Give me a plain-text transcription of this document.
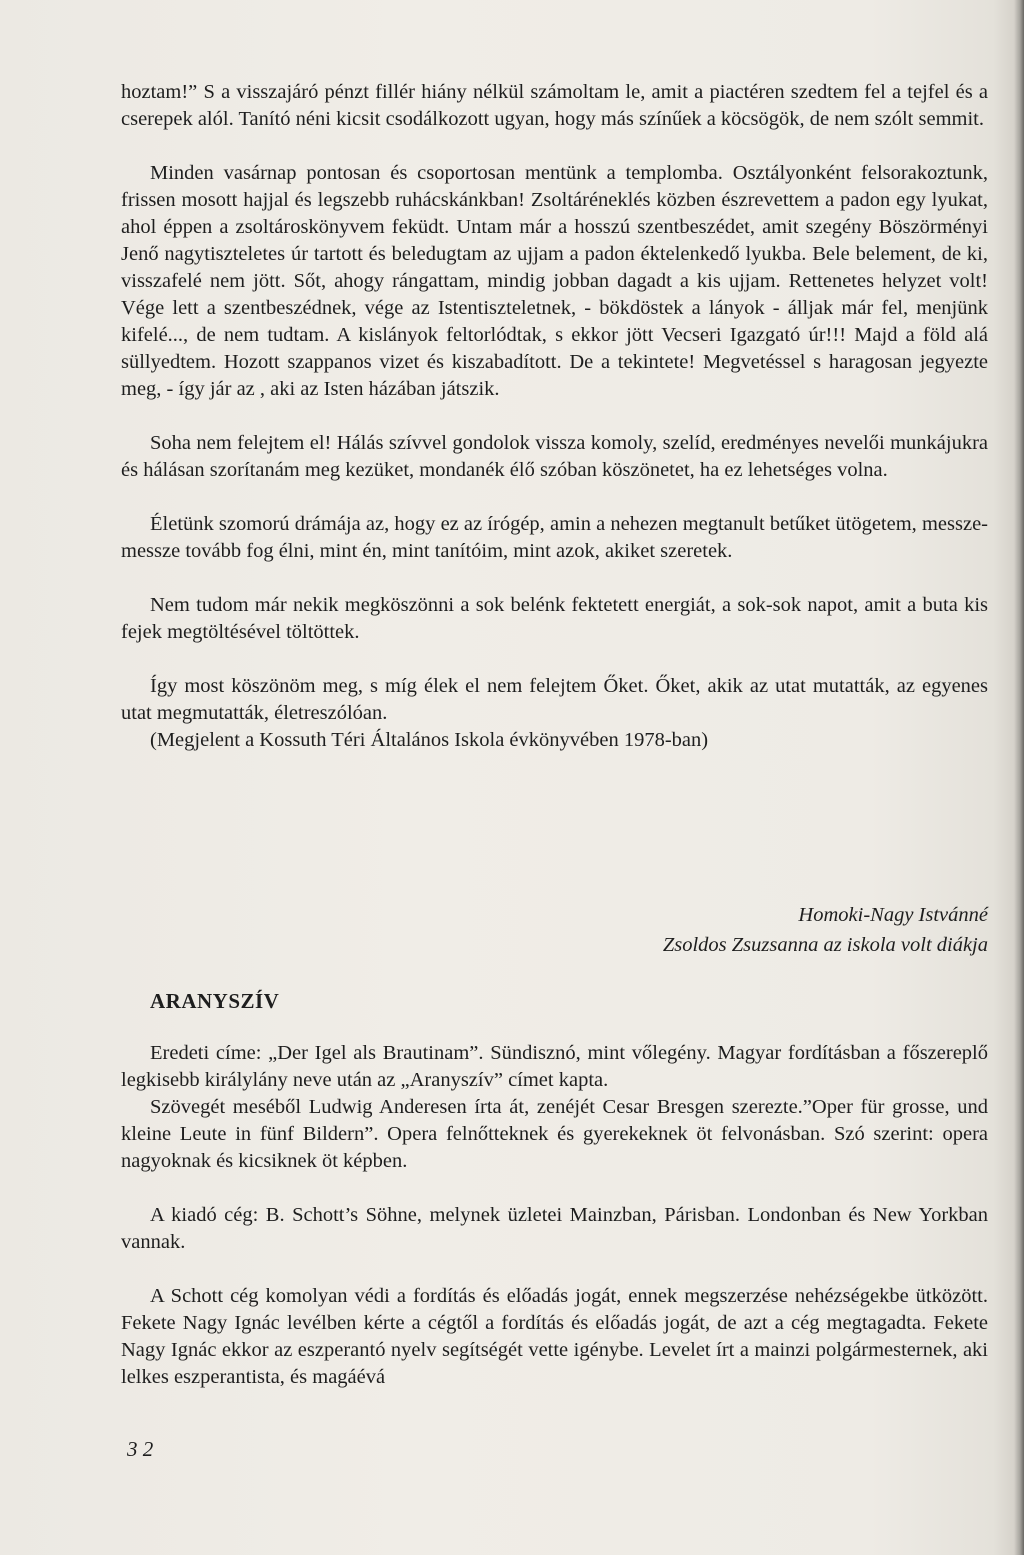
hoztam!” S a visszajáró pénzt fillér hiány nélkül számoltam le, amit a piactéren szedtem fel a tejfel és a cserepek alól. Tanító néni kicsit csodálkozott ugyan, hogy más színűek a köcsögök, de nem szólt semmit.

Minden vasárnap pontosan és csoportosan mentünk a templomba. Osztályonként felsorakoztunk, frissen mosott hajjal és legszebb ruhácskánkban! Zsoltáréneklés közben észrevettem a padon egy lyukat, ahol éppen a zsoltároskönyvem feküdt. Untam már a hosszú szentbeszédet, amit szegény Böszörményi Jenő nagytiszteletes úr tartott és beledugtam az ujjam a padon éktelenkedő lyukba. Bele belement, de ki, visszafelé nem jött. Sőt, ahogy rángattam, mindig jobban dagadt a kis ujjam. Rettenetes helyzet volt! Vége lett a szentbeszédnek, vége az Istentiszteletnek, - bökdöstek a lányok - álljak már fel, menjünk kifelé..., de nem tudtam. A kislányok feltorlódtak, s ekkor jött Vecseri Igazgató úr!!! Majd a föld alá süllyedtem. Hozott szappanos vizet és kiszabadított. De a tekintete! Megvetéssel s haragosan jegyezte meg, - így jár az , aki az Isten házában játszik.

Soha nem felejtem el! Hálás szívvel gondolok vissza komoly, szelíd, eredményes nevelői munkájukra és hálásan szorítanám meg kezüket, mondanék élő szóban köszönetet, ha ez lehetséges volna.

Életünk szomorú drámája az, hogy ez az írógép, amin a nehezen megtanult betűket ütögetem, messze-messze tovább fog élni, mint én, mint tanítóim, mint azok, akiket szeretek.

Nem tudom már nekik megköszönni a sok belénk fektetett energiát, a sok-sok napot, amit a buta kis fejek megtöltésével töltöttek.

Így most köszönöm meg, s míg élek el nem felejtem Őket. Őket, akik az utat mutatták, az egyenes utat megmutatták, életreszólóan.

(Megjelent a Kossuth Téri Általános Iskola évkönyvében 1978-ban)

Homoki-Nagy Istvánné
Zsoldos Zsuzsanna az iskola volt diákja
ARANYSZÍV

Eredeti címe: „Der Igel als Brautinam”. Sündisznó, mint vőlegény. Magyar fordításban a főszereplő legkisebb királylány neve után az „Aranyszív” címet kapta.

Szövegét meséből Ludwig Anderesen írta át, zenéjét Cesar Bresgen szerezte.”Oper für grosse, und kleine Leute in fünf Bildern”. Opera felnőtteknek és gyerekeknek öt felvonásban. Szó szerint: opera nagyoknak és kicsiknek öt képben.

A kiadó cég: B. Schott’s Söhne, melynek üzletei Mainzban, Párisban. Londonban és New Yorkban vannak.

A Schott cég komolyan védi a fordítás és előadás jogát, ennek megszerzése nehézségekbe ütközött. Fekete Nagy Ignác levélben kérte a cégtől a fordítás és előadás jogát, de azt a cég megtagadta. Fekete Nagy Ignác ekkor az eszperantó nyelv segítségét vette igénybe. Levelet írt a mainzi polgármesternek, aki lelkes eszperantista, és magáévá

3 2
